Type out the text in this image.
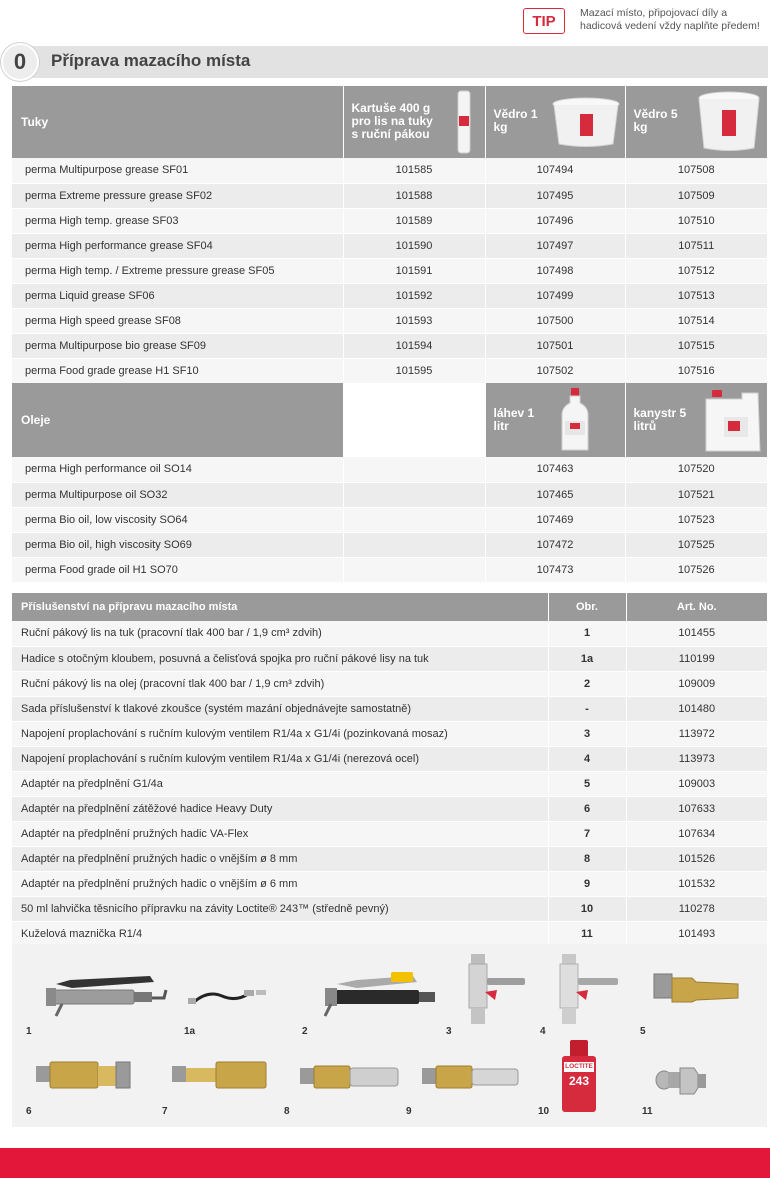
TIP	Mazací místo, připojovací díly a hadicová vedení vždy naplňte předem!
0	Příprava mazacího místa
Tuky	Kartuše 400 g pro lis na tuky s ruční pákou	Vědro 1 kg	Vědro 5 kg

perma Multipurpose grease SF01	101585	107494	107508
perma Extreme pressure grease SF02	101588	107495	107509
perma High temp. grease SF03	101589	107496	107510
perma High performance grease SF04	101590	107497	107511
perma High temp. / Extreme pressure grease SF05	101591	107498	107512
perma Liquid grease SF06	101592	107499	107513
perma High speed grease SF08	101593	107500	107514
perma Multipurpose bio grease SF09	101594	107501	107515
perma Food grade grease H1 SF10	101595	107502	107516
Oleje		láhev 1 litr	kanystr 5 litrů

perma High performance oil SO14		107463	107520
perma Multipurpose oil SO32		107465	107521
perma Bio oil, low viscosity SO64		107469	107523
perma Bio oil, high viscosity SO69		107472	107525
perma Food grade oil H1 SO70		107473	107526
Příslušenství na přípravu mazacího místa	Obr.	Art. No.
Ruční pákový lis na tuk (pracovní tlak 400 bar / 1,9 cm³ zdvih)	1	101455
Hadice s otočným kloubem, posuvná a čelisťová spojka pro ruční pákové lisy na tuk	1a	110199
Ruční pákový lis na olej (pracovní tlak 400 bar / 1,9 cm³ zdvih)	2	109009
Sada příslušenství k tlakové zkoušce (systém mazání objednávejte samostatně)	-	101480
Napojení proplachování s ručním kulovým ventilem R1/4a x G1/4i (pozinkovaná mosaz)	3	113972
Napojení proplachování s ručním kulovým ventilem R1/4a x G1/4i (nerezová ocel)	4	113973
Adaptér na předplnění G1/4a	5	109003
Adaptér na předplnění zátěžové hadice Heavy Duty	6	107633
Adaptér na předplnění pružných hadic VA-Flex	7	107634
Adaptér na předplnění pružných hadic o vnějším ø 8 mm	8	101526
Adaptér na předplnění pružných hadic o vnějším ø 6 mm	9	101532
50 ml lahvička těsnicího přípravku na závity Loctite® 243™ (středně pevný)	10	110278
Kuželová maznička R1/4	11	101493
1	1a	2	3	4	5
6	7	8	9
LOCTITE
243
10	11
